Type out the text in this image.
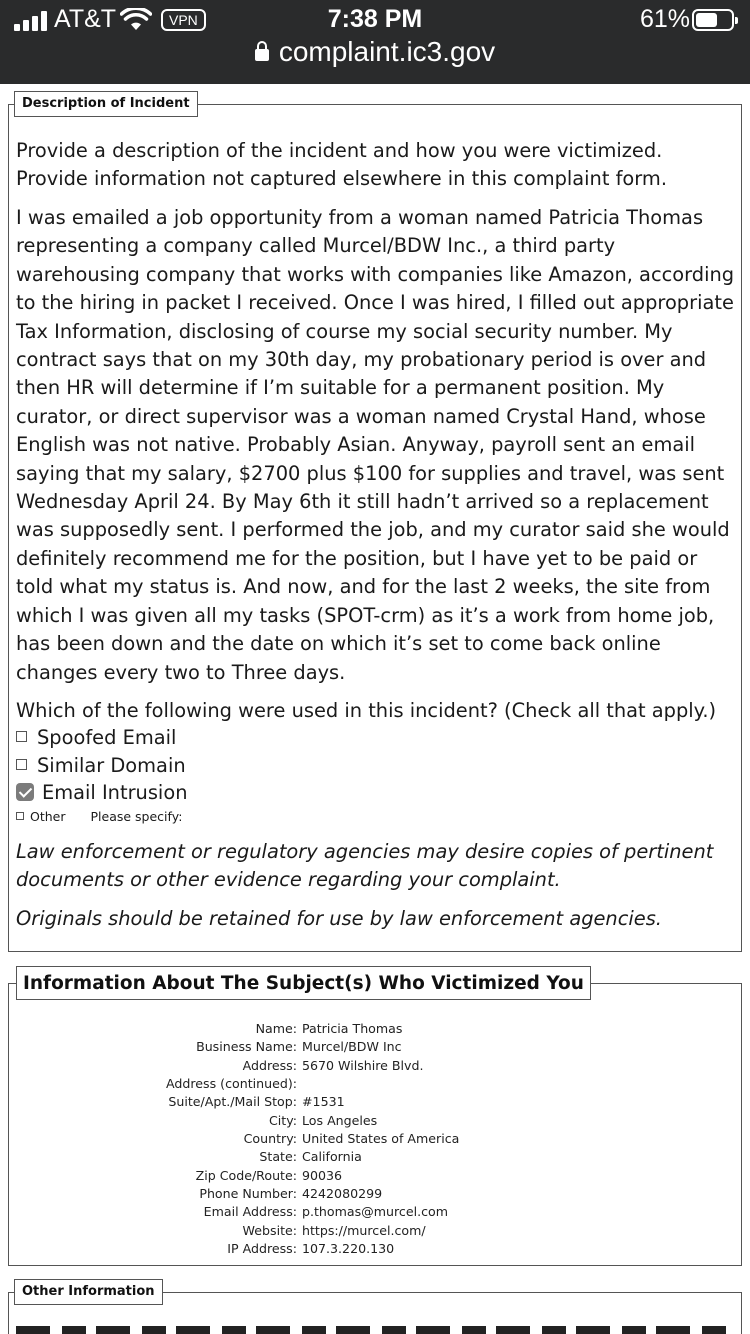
AT&T	VPN	7:38 PM	61%
complaint.ic3.gov
Description of Incident
Provide a description of the incident and how you were victimized. Provide information not captured elsewhere in this complaint form.
I was emailed a job opportunity from a woman named Patricia Thomas representing a company called Murcel/BDW Inc., a third party warehousing company that works with companies like Amazon, according to the hiring in packet I received. Once I was hired, I filled out appropriate Tax Information, disclosing of course my social security number. My contract says that on my 30th day, my probationary period is over and then HR will determine if I’m suitable for a permanent position. My curator, or direct supervisor was a woman named Crystal Hand, whose English was not native. Probably Asian. Anyway, payroll sent an email saying that my salary, $2700 plus $100 for supplies and travel, was sent Wednesday April 24. By May 6th it still hadn’t arrived so a replacement was supposedly sent. I performed the job, and my curator said she would definitely recommend me for the position, but I have yet to be paid or told what my status is. And now, and for the last 2 weeks, the site from which I was given all my tasks (SPOT-crm) as it’s a work from home job, has been down and the date on which it’s set to come back online changes every two to Three days.
Which of the following were used in this incident? (Check all that apply.)
Spoofed Email
Similar Domain
Email Intrusion
Other Please specify:
Law enforcement or regulatory agencies may desire copies of pertinent documents or other evidence regarding your complaint.
Originals should be retained for use by law enforcement agencies.
Information About The Subject(s) Who Victimized You
Name: Patricia Thomas
Business Name: Murcel/BDW Inc
Address: 5670 Wilshire Blvd.
Address (continued):
Suite/Apt./Mail Stop: #1531
City: Los Angeles
Country: United States of America
State: California
Zip Code/Route: 90036
Phone Number: 4242080299
Email Address: p.thomas@murcel.com
Website: https://murcel.com/
IP Address: 107.3.220.130
Other Information
